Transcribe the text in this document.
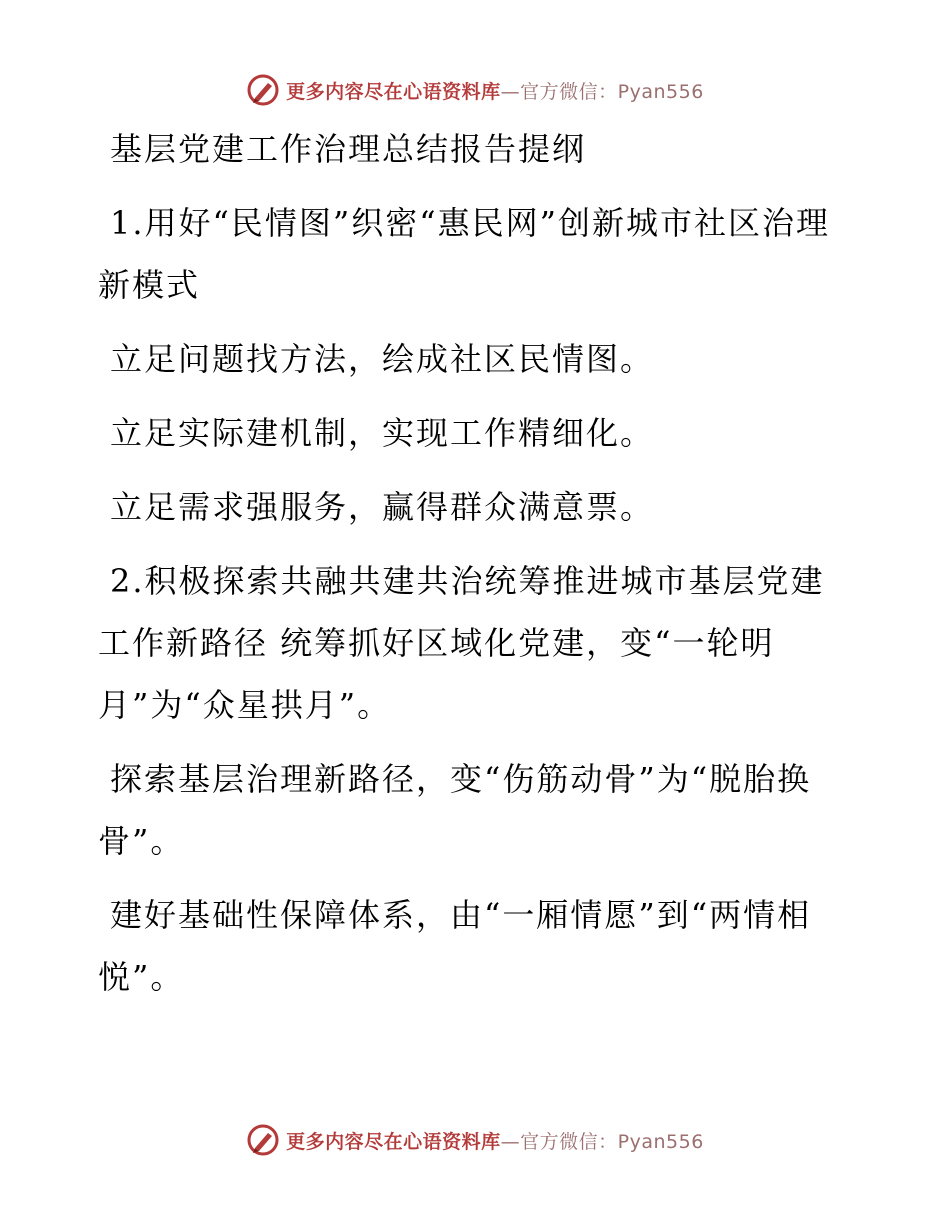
更多内容尽在心语资料库—官方微信：Pyan556

基层党建工作治理总结报告提纲

1.用好“民情图”织密“惠民网”创新城市社区治理新模式

立足问题找方法，绘成社区民情图。

立足实际建机制，实现工作精细化。

立足需求强服务，赢得群众满意票。

2.积极探索共融共建共治统筹推进城市基层党建工作新路径 统筹抓好区域化党建，变“一轮明月”为“众星拱月”。

探索基层治理新路径，变“伤筋动骨”为“脱胎换骨”。

建好基础性保障体系，由“一厢情愿”到“两情相悦”。

更多内容尽在心语资料库—官方微信：Pyan556
